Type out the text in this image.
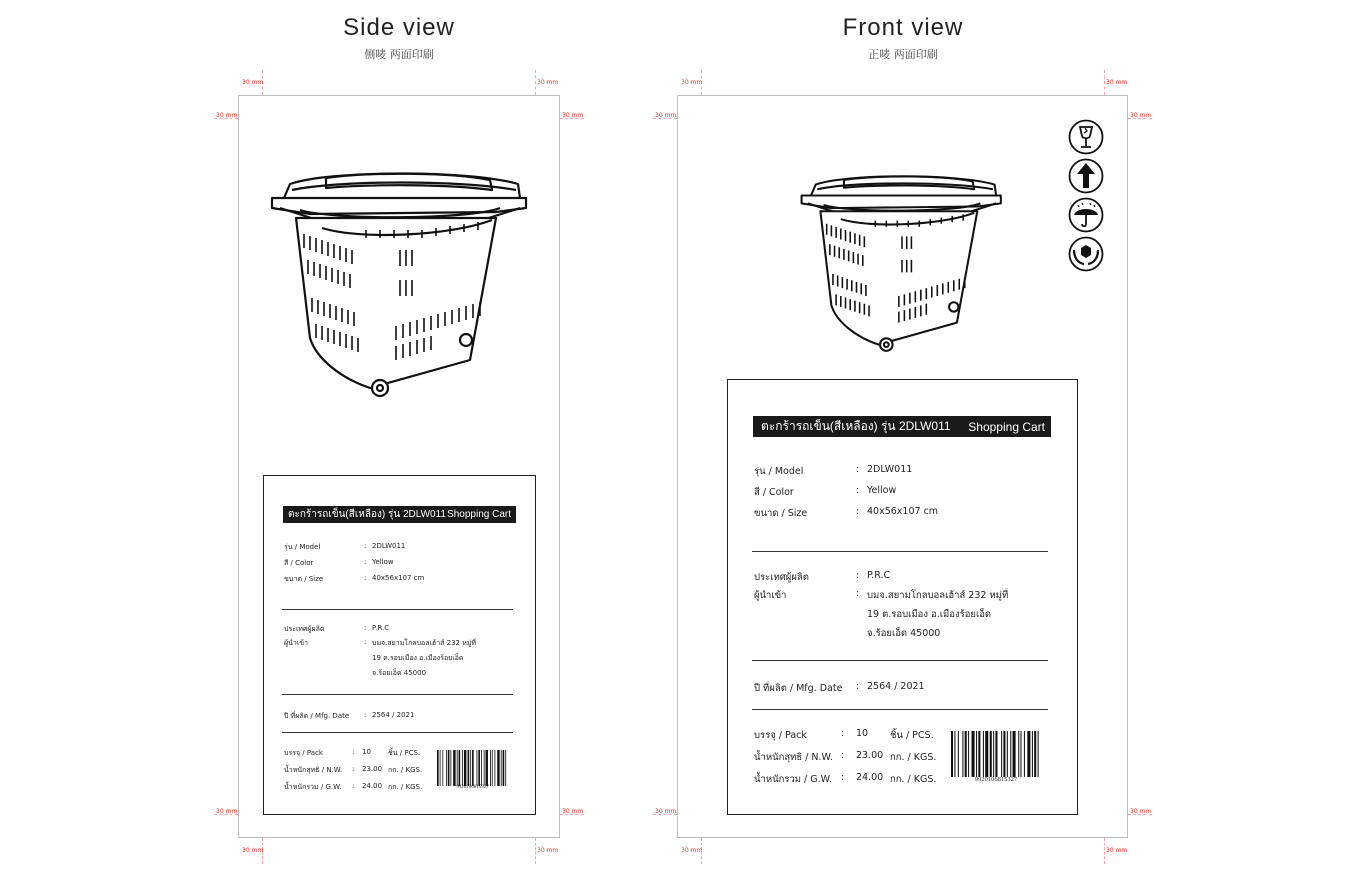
Side view
侧唛 两面印刷
30 mm	30 mm
30 mm	30 mm
30 mm	30 mm
30 mm	30 mm
ตะกร้ารถเข็น(สีเหลือง) รุ่น 2DLW011 Shopping Cart
รุ่น / Model	: 2DLW011
สี / Color	: Yellow
ขนาด / Size	: 40x56x107 cm
ประเทศผู้ผลิต	: P.R.C
ผู้นำเข้า	: บมจ.สยามโกลบอลเฮ้าส์ 232 หมู่ที่
19 ต.รอบเมือง อ.เมืองร้อยเอ็ด
จ.ร้อยเอ็ด 45000
ปี ที่ผลิต / Mfg. Date	: 2564 / 2021
บรรจุ / Pack	:	10	ชิ้น / PCS.
น้ำหนักสุทธิ / N.W.	:	23.00 กก. / KGS.
น้ำหนักรวม / G.W.	:	24.00 กก. / KGS.	9920106815327
Front view
正唛 两面印刷
30 mm	30 mm
30 mm	30 mm
30 mm	30 mm
30 mm	30 mm
ตะกร้ารถเข็น(สีเหลือง) รุ่น 2DLW011 Shopping Cart
รุ่น / Model	: 2DLW011
สี / Color	: Yellow
ขนาด / Size	: 40x56x107 cm
ประเทศผู้ผลิต	: P.R.C
ผู้นำเข้า	: บมจ.สยามโกลบอลเฮ้าส์ 232 หมู่ที่
19 ต.รอบเมือง อ.เมืองร้อยเอ็ด
จ.ร้อยเอ็ด 45000
ปี ที่ผลิต / Mfg. Date	: 2564 / 2021
บรรจุ / Pack	:	10	ชิ้น / PCS.
น้ำหนักสุทธิ / N.W. :	23.00 กก. / KGS.
น้ำหนักรวม / G.W. :	24.00 กก. / KGS.	9920106815327
